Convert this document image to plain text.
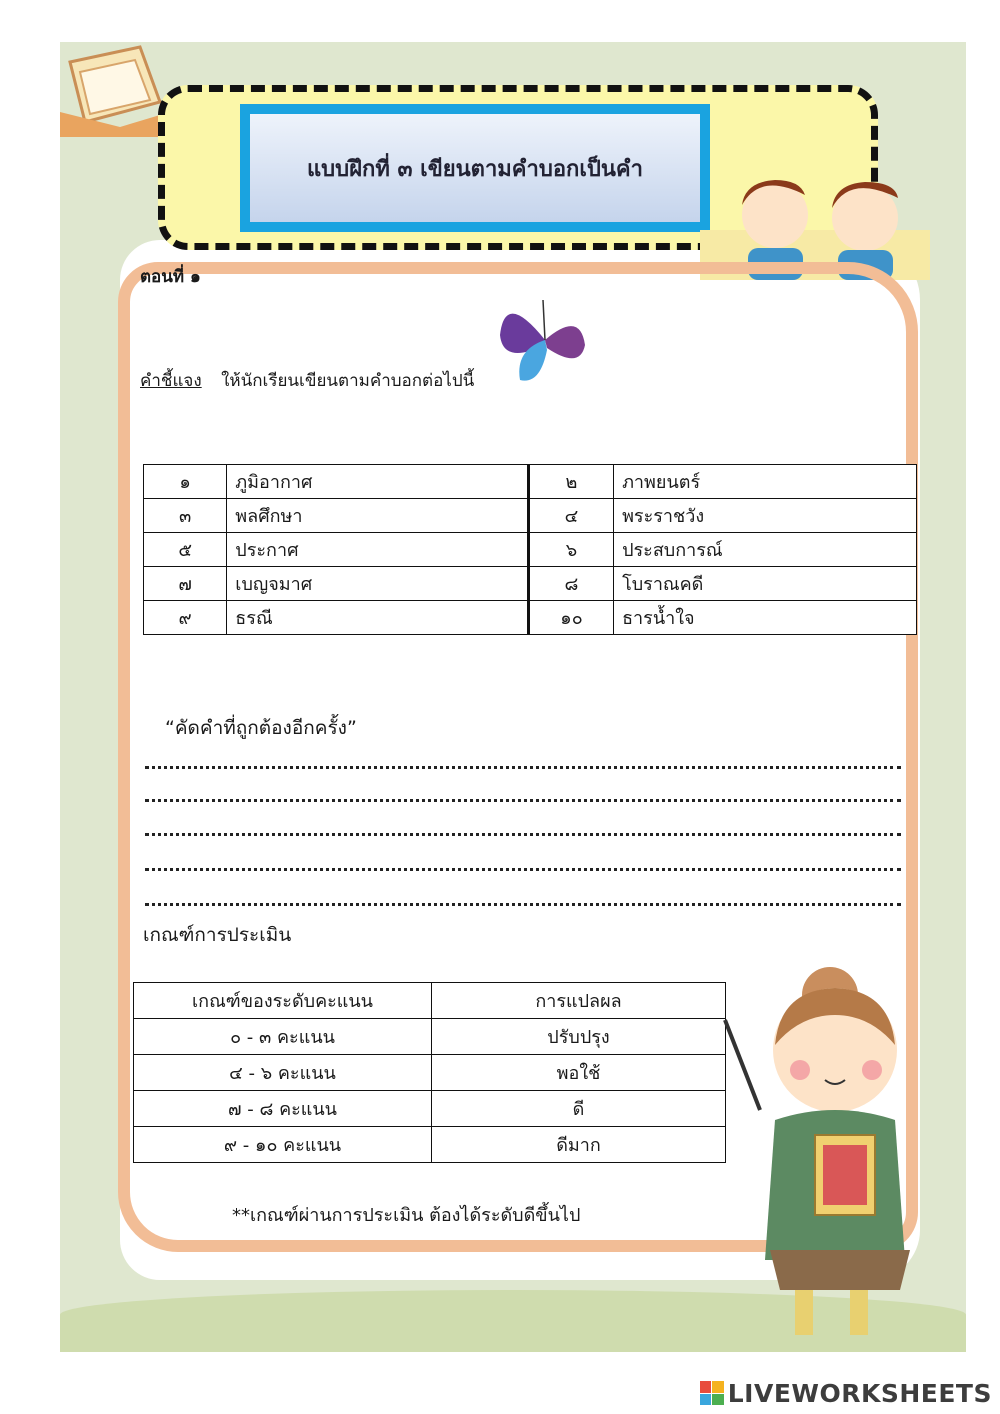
แบบฝึกที่ ๓ เขียนตามคำบอกเป็นคำ
ตอนที่ ๑
คำชี้แจง ให้นักเรียนเขียนตามคำบอกต่อไปนี้
๑	ภูมิอากาศ	๒	ภาพยนตร์
๓	พลศึกษา	๔	พระราชวัง
๕	ประกาศ	๖	ประสบการณ์
๗	เบญจมาศ	๘	โบราณคดี
๙	ธรณี	๑๐	ธารน้ำใจ
“คัดคำที่ถูกต้องอีกครั้ง”
เกณฑ์การประเมิน
เกณฑ์ของระดับคะแนน	การแปลผล
๐ - ๓ คะแนน	ปรับปรุง
๔ - ๖ คะแนน	พอใช้
๗ - ๘ คะแนน	ดี
๙ - ๑๐ คะแนน	ดีมาก
**เกณฑ์ผ่านการประเมิน ต้องได้ระดับดีขึ้นไป
LIVEWORKSHEETS
